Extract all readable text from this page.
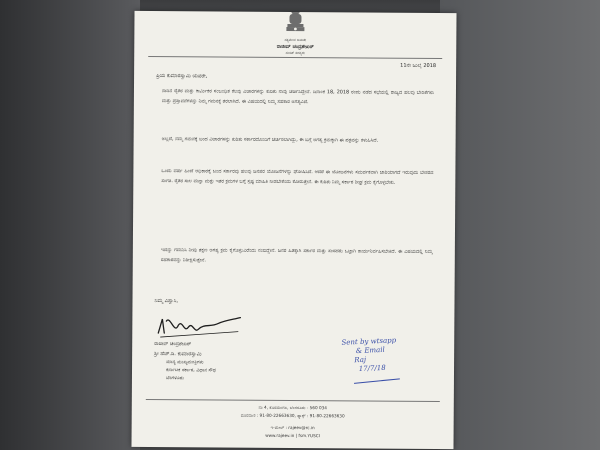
ಸತ್ಯಮೇವ ಜಯತೇ
ರಾಜೀವ್ ಚಂದ್ರಶೇಖರ್
ಸಂಸತ್ ಸದಸ್ಯರು
11ನೇ ಜುಲೈ 2018
ಪ್ರಿಯ ಕುಮಾರಸ್ವಾಮಿ ಯವರೇ,
ನಾಡಿನ ರೈತರ ಮತ್ತು ಕಾರ್ಮಿಕರ ಸಂಬಂಧಿತ ಕೆಲವು ವಿಚಾರಗಳನ್ನು ಕುರಿತು ನಾವು ಚರ್ಚಿಸಿದ್ದೇವೆ. ದಿನಾಂಕ 18, 2018 ರಂದು ನಡೆದ ಸಭೆಯಲ್ಲಿ ರಾಜ್ಯದ ಹಲವು ಬೇಡಿಕೆಗಳು ಮತ್ತು ಪ್ರಸ್ತಾವನೆಗಳನ್ನು ನಿಮ್ಮ ಗಮನಕ್ಕೆ ತರಲಾಗಿದೆ. ಈ ವಿಷಯದಲ್ಲಿ ನಿಮ್ಮ ಸಹಕಾರ ಅಗತ್ಯವಿದೆ.
ಅಲ್ಲದೆ, ನಮ್ಮ ಗಮನಕ್ಕೆ ಬಂದ ವಿಚಾರಗಳನ್ನು ಕುರಿತು ಸರ್ಕಾರದೊಂದಿಗೆ ಚರ್ಚಿಸಲಾಗಿದ್ದು, ಈ ಬಗ್ಗೆ ಅಗತ್ಯ ಕ್ರಮಕ್ಕಾಗಿ ಈ ಪತ್ರವನ್ನು ಕಳುಹಿಸಿದೆ.
ಒಂದು ವರ್ಷ ಹಿಂದೆ ಅಧಿಕಾರಕ್ಕೆ ಬಂದ ಸರ್ಕಾರವು ಹಲವು ಜನಪರ ಯೋಜನೆಗಳನ್ನು ಘೋಷಿಸಿದೆ. ಆದರೆ ಈ ಯೋಜನೆಗಳು ಸಮರ್ಪಕವಾಗಿ ಜಾರಿಯಾಗದೆ ಇರುವುದು ಬೇಸರದ ಸಂಗತಿ. ರೈತರ ಸಾಲ ಮನ್ನಾ ಮತ್ತು ಇತರ ಕ್ರಮಗಳ ಬಗ್ಗೆ ಸ್ಪಷ್ಟ ಮಾಹಿತಿ ನೀಡಬೇಕೆಂದು ಕೋರುತ್ತೇನೆ. ಈ ಕುರಿತು ನಿಮ್ಮ ಸರ್ಕಾರ ಶೀಘ್ರ ಕ್ರಮ ಕೈಗೊಳ್ಳಬೇಕು.
ಇದನ್ನು ಗಮನಿಸಿ ನೀವು ತಕ್ಷಣ ಅಗತ್ಯ ಕ್ರಮ ಕೈಗೊಳ್ಳುವಿರೆಂದು ನಂಬಿದ್ದೇನೆ. ಜನರ ಹಿತಕ್ಕಾಗಿ ಸರ್ಕಾರ ಮತ್ತು ಸಂಸದರು ಒಟ್ಟಾಗಿ ಕಾರ್ಯನಿರ್ವಹಿಸಬೇಕಿದೆ. ಈ ವಿಷಯದಲ್ಲಿ ನಿಮ್ಮ ಸಹಕಾರವನ್ನು ನಿರೀಕ್ಷಿಸುತ್ತೇನೆ.
ನಿಮ್ಮ ವಿಶ್ವಾಸಿ,
ರಾಜೀವ್ ಚಂದ್ರಶೇಖರ್
ಶ್ರೀ ಹೆಚ್.ಡಿ. ಕುಮಾರಸ್ವಾಮಿ
ಮಾನ್ಯ ಮುಖ್ಯಮಂತ್ರಿಗಳು
ಕರ್ನಾಟಕ ಸರ್ಕಾರ, ವಿಧಾನ ಸೌಧ
ಬೆಂಗಳೂರು
Sent by wtsapp
& Email
Raj
17/7/18
ನಂ 4, ಕೊರಮಂಗಲ, ಬೆಂಗಳೂರು - 560 034
ದೂರವಾಣಿ : 91-80-22663630, ಫ್ಯಾಕ್ಸ್ : 91-80-22663630
ಇ-ಮೇಲ್ : rajeev@rc.in
www.rajeev.in | fsm.YUSCI
